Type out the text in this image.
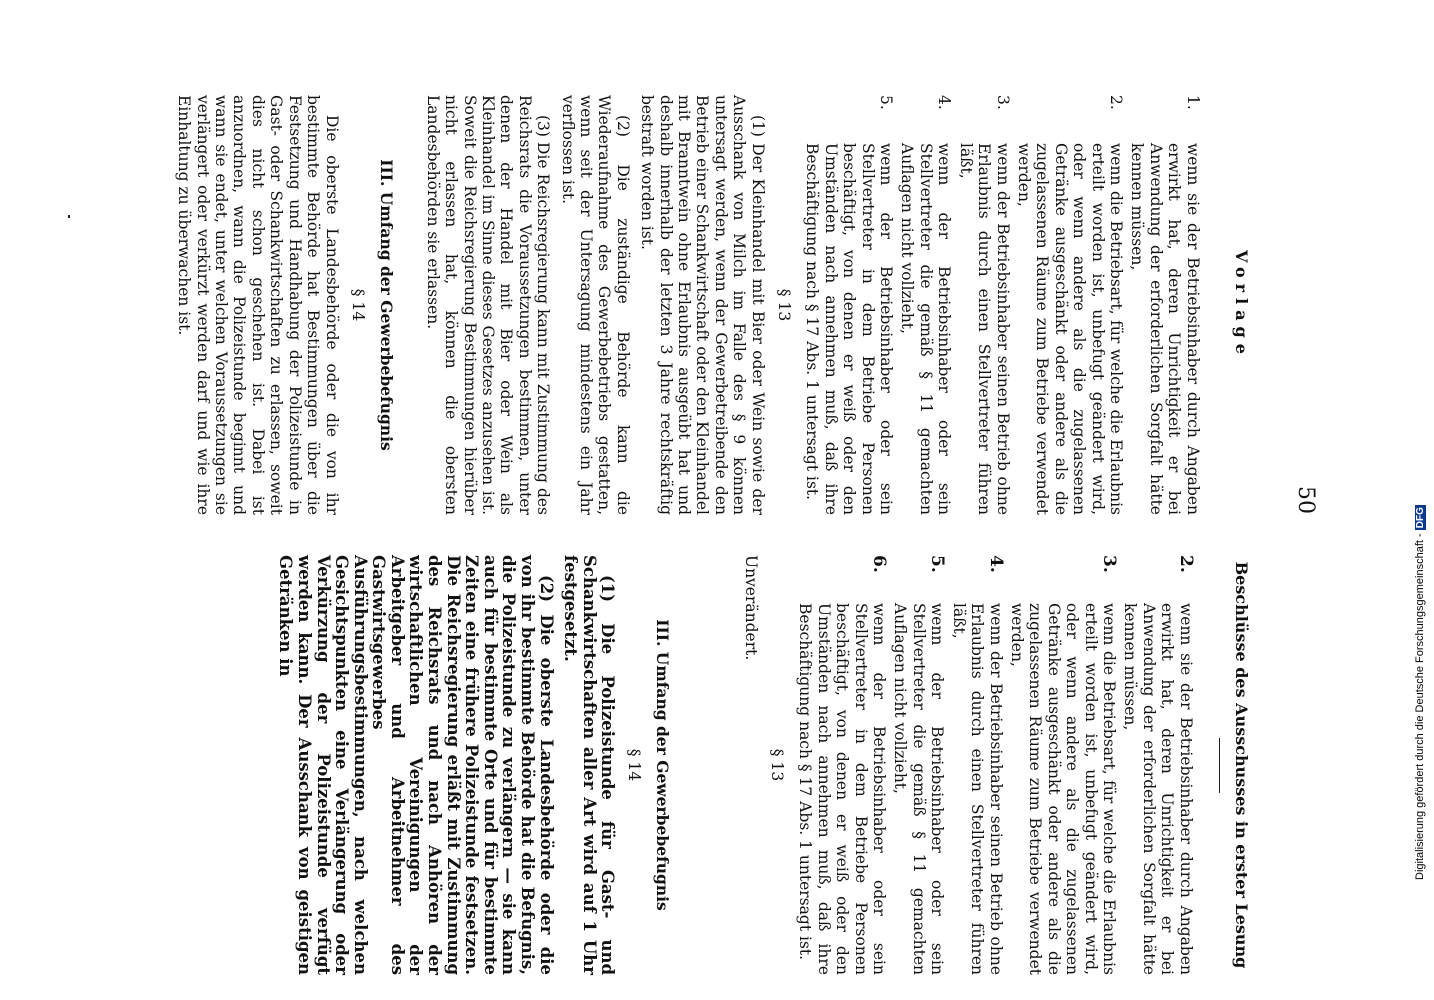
50
Vorlage
1.
wenn sie der Betriebsinhaber durch Angaben erwirkt hat, deren Unrichtigkeit er bei Anwendung der erforderlichen Sorgfalt hätte kennen müssen,
2.
wenn die Betriebsart, für welche die Erlaubnis erteilt worden ist, unbefugt geändert wird, oder wenn andere als die zugelassenen Getränke ausgeschänkt oder andere als die zugelassenen Räume zum Betriebe verwendet werden,
3.
wenn der Betriebsinhaber seinen Betrieb ohne Erlaubnis durch einen Stellvertreter führen läßt,
4.
wenn der Betriebsinhaber oder sein Stellvertreter die gemäß § 11 gemachten Auflagen nicht vollzieht,
5.
wenn der Betriebsinhaber oder sein Stellvertreter in dem Betriebe Personen beschäftigt, von denen er weiß oder den Umständen nach annehmen muß, daß ihre Beschäftigung nach § 17 Abs. 1 untersagt ist.
§ 13

(1) Der Kleinhandel mit Bier oder Wein sowie der Ausschank von Milch im Falle des § 9 können untersagt werden, wenn der Gewerbetreibende den Betrieb einer Schankwirtschaft oder den Kleinhandel mit Branntwein ohne Erlaubnis ausgeübt hat und deshalb innerhalb der letzten 3 Jahre rechtskräftig bestraft worden ist.

(2) Die zuständige Behörde kann die Wiederaufnahme des Gewerbebetriebs gestatten, wenn seit der Untersagung mindestens ein Jahr verflossen ist.

(3) Die Reichsregierung kann mit Zustimmung des Reichsrats die Voraussetzungen bestimmen, unter denen der Handel mit Bier oder Wein als Kleinhandel im Sinne dieses Gesetzes anzusehen ist. Soweit die Reichsregierung Bestimmungen hierüber nicht erlassen hat, können die obersten Landesbehörden sie erlassen.

III. Umfang der Gewerbebefugnis
§ 14

Die oberste Landesbehörde oder die von ihr bestimmte Behörde hat Bestimmungen über die Festsetzung und Handhabung der Polizeistunde in Gast- oder Schankwirtschaften zu erlassen, soweit dies nicht schon geschehen ist. Dabei ist anzuordnen, wann die Polizeistunde beginnt und wann sie endet, unter welchen Voraussetzungen sie verlängert oder verkürzt werden darf und wie ihre Einhaltung zu überwachen ist.

Beschlüsse des Ausschusses in erster Lesung
2.
wenn sie der Betriebsinhaber durch Angaben erwirkt hat, deren Unrichtigkeit er bei Anwendung der erforderlichen Sorgfalt hätte kennen müssen,
3.
wenn die Betriebsart, für welche die Erlaubnis erteilt worden ist, unbefugt geändert wird, oder wenn andere als die zugelassenen Getränke ausgeschänkt oder andere als die zugelassenen Räume zum Betriebe verwendet werden,
4.
wenn der Betriebsinhaber seinen Betrieb ohne Erlaubnis durch einen Stellvertreter führen läßt,
5.
wenn der Betriebsinhaber oder sein Stellvertreter die gemäß § 11 gemachten Auflagen nicht vollzieht,
6.
wenn der Betriebsinhaber oder sein Stellvertreter in dem Betriebe Personen beschäftigt, von denen er weiß oder den Umständen nach annehmen muß, daß ihre Beschäftigung nach § 17 Abs. 1 untersagt ist.
§ 13

Unverändert.

III. Umfang der Gewerbebefugnis
§ 14

(1) Die Polizeistunde für Gast- und Schankwirtschaften aller Art wird auf 1 Uhr festgesetzt.

(2) Die oberste Landesbehörde oder die von ihr bestimmte Behörde hat die Befugnis, die Polizeistunde zu verlängern — sie kann auch für bestimmte Orte und für bestimmte Zeiten eine frühere Polizeistunde festsetzen. Die Reichsregierung erläßt mit Zustimmung des Reichsrats und nach Anhören der wirtschaftlichen Vereinigungen der Arbeitgeber und Arbeitnehmer des Gastwirtsgewerbes Ausführungsbestimmungen, nach welchen Gesichtspunkten eine Verlängerung oder Verkürzung der Polizeistunde verfügt werden kann. Der Ausschank von geistigen Getränken in	Digitalisierung gefördert durch die Deutsche Forschungsgemeinschaft - DFG
